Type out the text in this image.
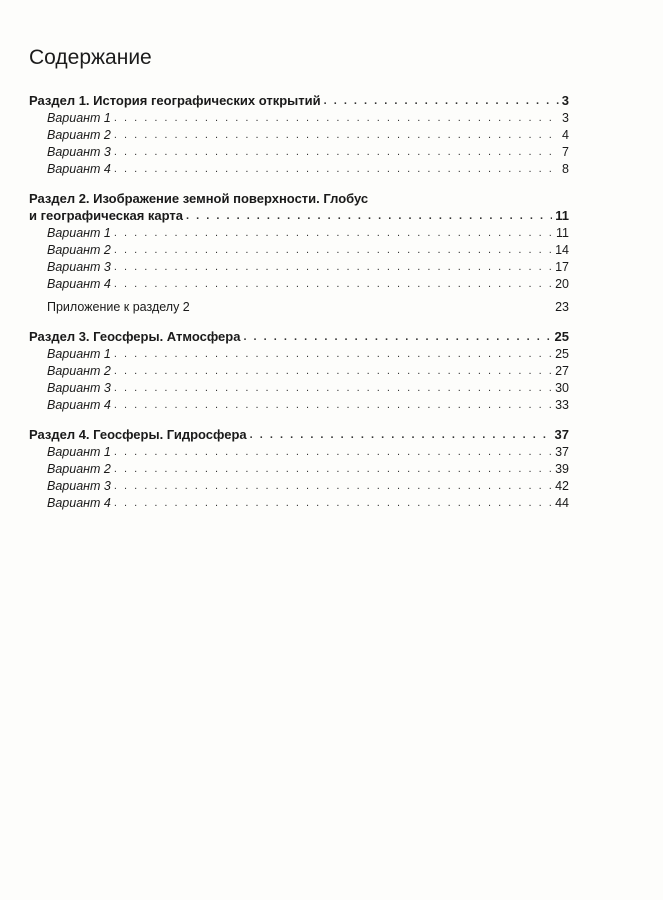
Содержание
Раздел 1. История географических открытий . . .	3
Вариант 1 . . .	3
Вариант 2 . . .	4
Вариант 3 . . .	7
Вариант 4 . . .	8
Раздел 2. Изображение земной поверхности. Глобус
и географическая карта . . .	11
Вариант 1 . . .	11
Вариант 2 . . .	14
Вариант 3 . . .	17
Вариант 4 . . .	20
Приложение к разделу 2	23
Раздел 3. Геосферы. Атмосфера . . .	25
Вариант 1 . . .	25
Вариант 2 . . .	27
Вариант 3 . . .	30
Вариант 4 . . .	33
Раздел 4. Геосферы. Гидросфера . . .	37
Вариант 1 . . .	37
Вариант 2 . . .	39
Вариант 3 . . .	42
Вариант 4 . . .	44
